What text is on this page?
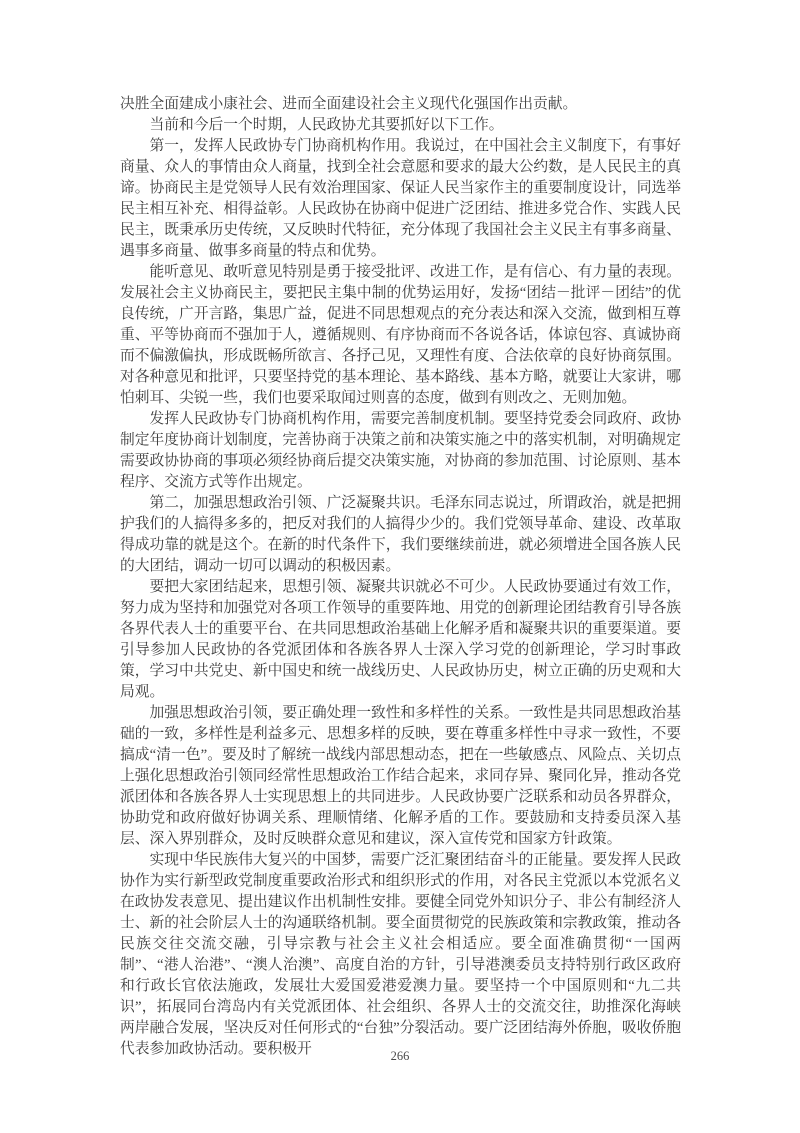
决胜全面建成小康社会、进而全面建设社会主义现代化强国作出贡献。

当前和今后一个时期，人民政协尤其要抓好以下工作。

第一，发挥人民政协专门协商机构作用。我说过，在中国社会主义制度下，有事好商量、众人的事情由众人商量，找到全社会意愿和要求的最大公约数，是人民民主的真谛。协商民主是党领导人民有效治理国家、保证人民当家作主的重要制度设计，同选举民主相互补充、相得益彰。人民政协在协商中促进广泛团结、推进多党合作、实践人民民主，既秉承历史传统，又反映时代特征，充分体现了我国社会主义民主有事多商量、遇事多商量、做事多商量的特点和优势。

能听意见、敢听意见特别是勇于接受批评、改进工作，是有信心、有力量的表现。发展社会主义协商民主，要把民主集中制的优势运用好，发扬“团结－批评－团结”的优良传统，广开言路，集思广益，促进不同思想观点的充分表达和深入交流，做到相互尊重、平等协商而不强加于人，遵循规则、有序协商而不各说各话，体谅包容、真诚协商而不偏激偏执，形成既畅所欲言、各抒己见，又理性有度、合法依章的良好协商氛围。对各种意见和批评，只要坚持党的基本理论、基本路线、基本方略，就要让大家讲，哪怕刺耳、尖锐一些，我们也要采取闻过则喜的态度，做到有则改之、无则加勉。

发挥人民政协专门协商机构作用，需要完善制度机制。要坚持党委会同政府、政协制定年度协商计划制度，完善协商于决策之前和决策实施之中的落实机制，对明确规定需要政协协商的事项必须经协商后提交决策实施，对协商的参加范围、讨论原则、基本程序、交流方式等作出规定。

第二，加强思想政治引领、广泛凝聚共识。毛泽东同志说过，所谓政治，就是把拥护我们的人搞得多多的，把反对我们的人搞得少少的。我们党领导革命、建设、改革取得成功靠的就是这个。在新的时代条件下，我们要继续前进，就必须增进全国各族人民的大团结，调动一切可以调动的积极因素。

要把大家团结起来，思想引领、凝聚共识就必不可少。人民政协要通过有效工作，努力成为坚持和加强党对各项工作领导的重要阵地、用党的创新理论团结教育引导各族各界代表人士的重要平台、在共同思想政治基础上化解矛盾和凝聚共识的重要渠道。要引导参加人民政协的各党派团体和各族各界人士深入学习党的创新理论，学习时事政策，学习中共党史、新中国史和统一战线历史、人民政协历史，树立正确的历史观和大局观。

加强思想政治引领，要正确处理一致性和多样性的关系。一致性是共同思想政治基础的一致，多样性是利益多元、思想多样的反映，要在尊重多样性中寻求一致性，不要搞成“清一色”。要及时了解统一战线内部思想动态，把在一些敏感点、风险点、关切点上强化思想政治引领同经常性思想政治工作结合起来，求同存异、聚同化异，推动各党派团体和各族各界人士实现思想上的共同进步。人民政协要广泛联系和动员各界群众，协助党和政府做好协调关系、理顺情绪、化解矛盾的工作。要鼓励和支持委员深入基层、深入界别群众，及时反映群众意见和建议，深入宣传党和国家方针政策。

实现中华民族伟大复兴的中国梦，需要广泛汇聚团结奋斗的正能量。要发挥人民政协作为实行新型政党制度重要政治形式和组织形式的作用，对各民主党派以本党派名义在政协发表意见、提出建议作出机制性安排。要健全同党外知识分子、非公有制经济人士、新的社会阶层人士的沟通联络机制。要全面贯彻党的民族政策和宗教政策，推动各民族交往交流交融，引导宗教与社会主义社会相适应。要全面准确贯彻“一国两制”、“港人治港”、“澳人治澳”、高度自治的方针，引导港澳委员支持特别行政区政府和行政长官依法施政，发展壮大爱国爱港爱澳力量。要坚持一个中国原则和“九二共识”，拓展同台湾岛内有关党派团体、社会组织、各界人士的交流交往，助推深化海峡两岸融合发展，坚决反对任何形式的“台独”分裂活动。要广泛团结海外侨胞，吸收侨胞代表参加政协活动。要积极开	266
